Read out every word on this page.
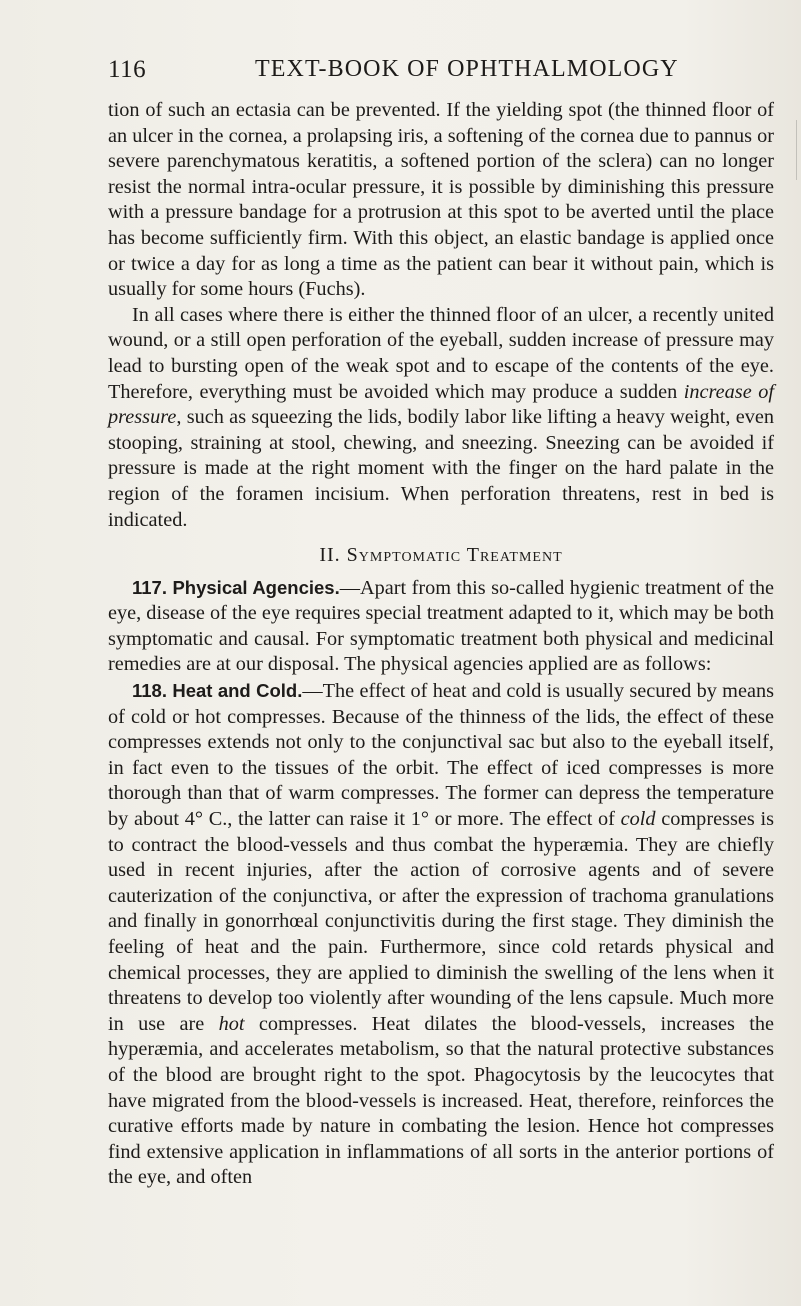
116	TEXT-BOOK OF OPHTHALMOLOGY

tion of such an ectasia can be prevented. If the yielding spot (the thinned floor of an ulcer in the cornea, a prolapsing iris, a softening of the cornea due to pannus or severe parenchymatous keratitis, a softened portion of the sclera) can no longer resist the normal intra-ocular pressure, it is possible by diminishing this pressure with a pressure bandage for a protrusion at this spot to be averted until the place has become sufficiently firm. With this object, an elastic bandage is applied once or twice a day for as long a time as the patient can bear it without pain, which is usually for some hours (Fuchs).

In all cases where there is either the thinned floor of an ulcer, a recently united wound, or a still open perforation of the eyeball, sudden increase of pressure may lead to bursting open of the weak spot and to escape of the contents of the eye. Therefore, everything must be avoided which may produce a sudden increase of pressure, such as squeezing the lids, bodily labor like lifting a heavy weight, even stooping, straining at stool, chewing, and sneezing. Sneezing can be avoided if pressure is made at the right moment with the finger on the hard palate in the region of the foramen incisium. When perforation threatens, rest in bed is indicated.

II. Symptomatic Treatment

117. Physical Agencies.—Apart from this so-called hygienic treatment of the eye, disease of the eye requires special treatment adapted to it, which may be both symptomatic and causal. For symptomatic treatment both physical and medicinal remedies are at our disposal. The physical agencies applied are as follows:

118. Heat and Cold.—The effect of heat and cold is usually secured by means of cold or hot compresses. Because of the thinness of the lids, the effect of these compresses extends not only to the conjunctival sac but also to the eyeball itself, in fact even to the tissues of the orbit. The effect of iced compresses is more thorough than that of warm compresses. The former can depress the temperature by about 4° C., the latter can raise it 1° or more. The effect of cold compresses is to contract the blood-vessels and thus combat the hyperæmia. They are chiefly used in recent injuries, after the action of corrosive agents and of severe cauterization of the conjunctiva, or after the expression of trachoma granulations and finally in gonorrhœal conjunctivitis during the first stage. They diminish the feeling of heat and the pain. Furthermore, since cold retards physical and chemical processes, they are applied to diminish the swelling of the lens when it threatens to develop too violently after wounding of the lens capsule. Much more in use are hot compresses. Heat dilates the blood-vessels, increases the hyperæmia, and accelerates metabolism, so that the natural protective substances of the blood are brought right to the spot. Phagocytosis by the leucocytes that have migrated from the blood-vessels is increased. Heat, therefore, reinforces the curative efforts made by nature in combating the lesion. Hence hot compresses find extensive application in inflammations of all sorts in the anterior portions of the eye, and often
